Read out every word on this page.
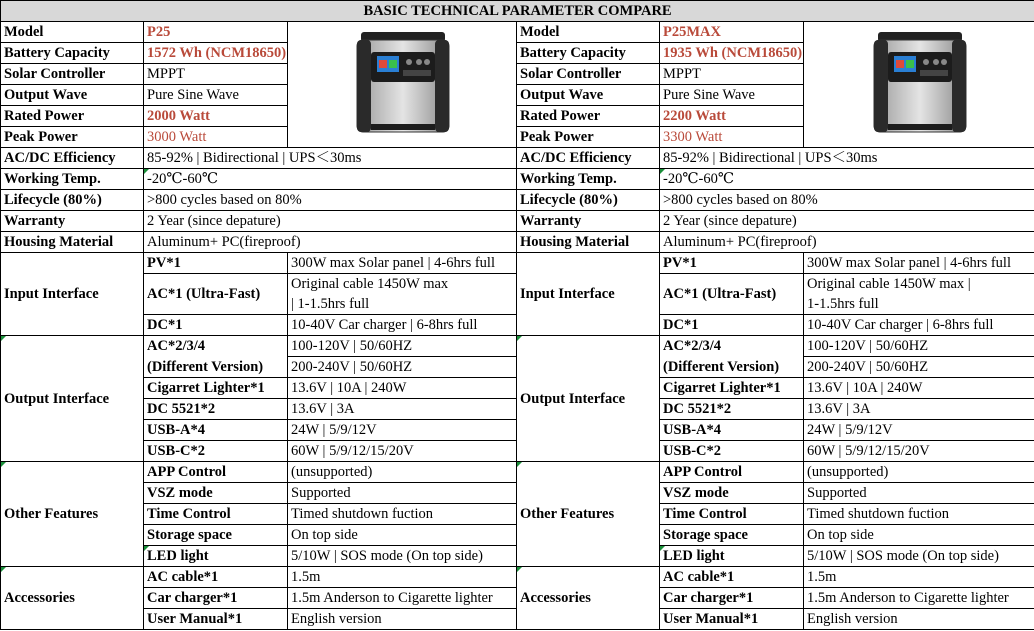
BASIC TECHNICAL PARAMETER COMPARE					
Model	P25		Model	P25MAX	
Battery Capacity	1572 Wh (NCM18650)		Battery Capacity	1935 Wh (NCM18650)	
Solar Controller	MPPT		Solar Controller	MPPT	
Output Wave	Pure Sine Wave		Output Wave	Pure Sine Wave	
Rated Power	2000 Watt		Rated Power	2200 Watt	
Peak Power	3000 Watt		Peak Power	3300 Watt	
AC/DC Efficiency	85-92% | Bidirectional | UPS＜30ms		AC/DC Efficiency	85-92% | Bidirectional | UPS＜30ms	
Working Temp.	-20℃-60℃		Working Temp.	-20℃-60℃	
Lifecycle (80%)	>800 cycles based on 80%		Lifecycle (80%)	>800 cycles based on 80%	
Warranty	2 Year (since depature)		Warranty	2 Year (since depature)	
Housing Material	Aluminum+ PC(fireproof)		Housing Material	Aluminum+ PC(fireproof)	
Input Interface	PV*1	300W max Solar panel | 4-6hrs full	Input Interface	PV*1	300W max Solar panel | 4-6hrs full
	AC*1 (Ultra-Fast)	Original cable 1450W max		AC*1 (Ultra-Fast)	Original cable 1450W max |
		| 1-1.5hrs full			1-1.5hrs full
	DC*1	10-40V Car charger | 6-8hrs full		DC*1	10-40V Car charger | 6-8hrs full
Output Interface	AC*2/3/4	100-120V | 50/60HZ	Output Interface	AC*2/3/4	100-120V | 50/60HZ
	(Different Version)	200-240V | 50/60HZ		(Different Version)	200-240V | 50/60HZ
	Cigarret Lighter*1	13.6V | 10A | 240W		Cigarret Lighter*1	13.6V | 10A | 240W
	DC 5521*2	13.6V | 3A		DC 5521*2	13.6V | 3A
	USB-A*4	24W | 5/9/12V		USB-A*4	24W | 5/9/12V
	USB-C*2	60W | 5/9/12/15/20V		USB-C*2	60W | 5/9/12/15/20V
Other Features	APP Control	(unsupported)	Other Features	APP Control	(unsupported)
	VSZ mode	Supported		VSZ mode	Supported
	Time Control	Timed shutdown fuction		Time Control	Timed shutdown fuction
	Storage space	On top side		Storage space	On top side
	LED light	5/10W | SOS mode (On top side)		LED light	5/10W | SOS mode (On top side)
Accessories	AC cable*1	1.5m	Accessories	AC cable*1	1.5m
	Car charger*1	1.5m Anderson to Cigarette lighter		Car charger*1	1.5m Anderson to Cigarette lighter
	User Manual*1	English version		User Manual*1	English version
